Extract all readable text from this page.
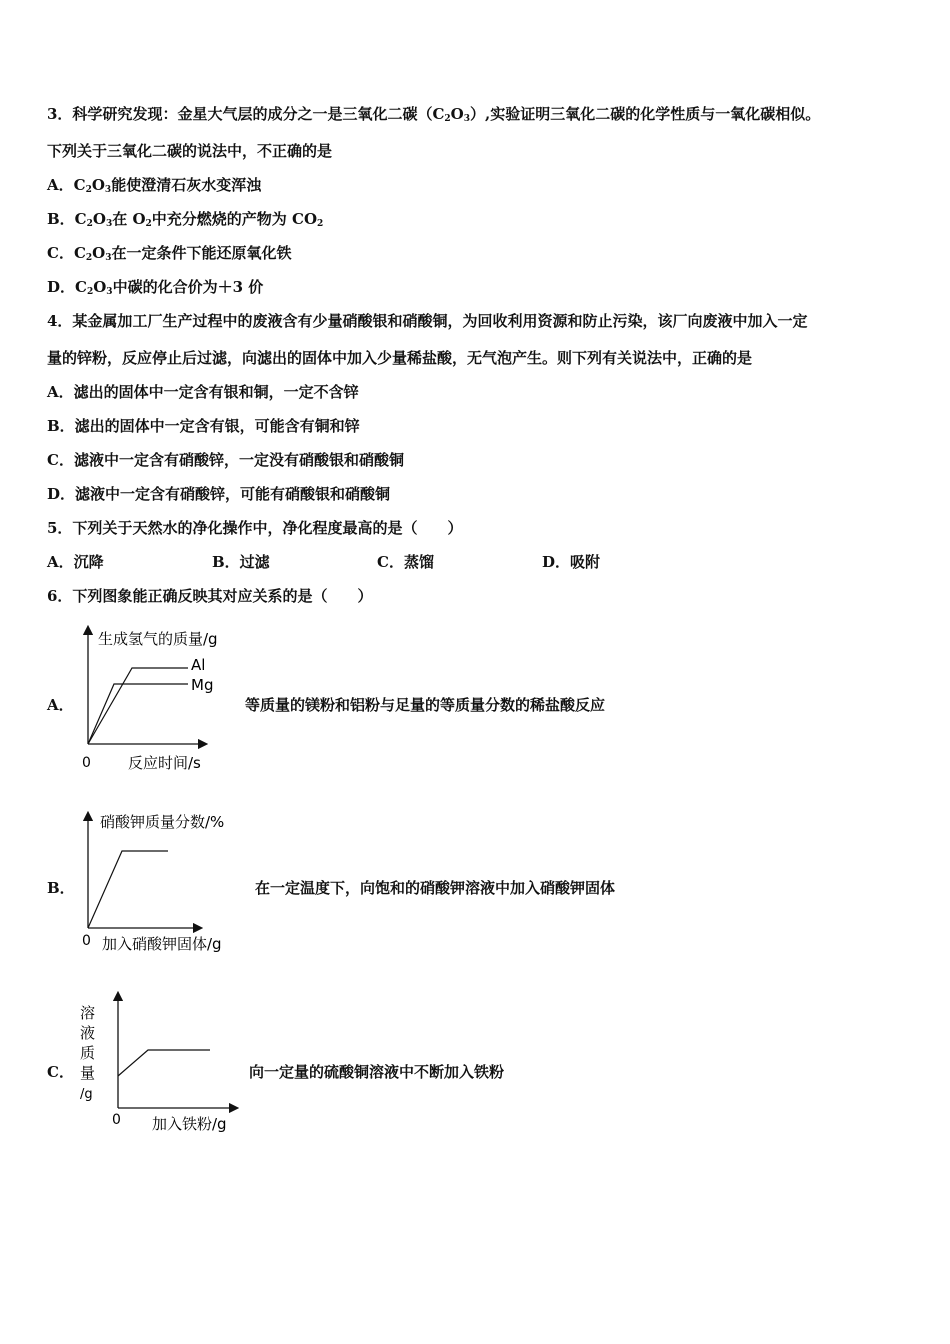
3．科学研究发现：金星大气层的成分之一是三氧化二碳$(C_2O_3)$,实验证明三氧化二碳的化学性质与一氧化碳相似。
下列关于三氧化二碳的说法中，不正确的是
A．$C_2O_3$能使澄清石灰水变浑浊
B．$C_2O_3$在 $O_2$中充分燃烧的产物为 $CO_2$
C．$C_2O_3$在一定条件下能还原氧化铁
D．$C_2O_3$中碳的化合价为＋3 价
4．某金属加工厂生产过程中的废液含有少量硝酸银和硝酸铜，为回收利用资源和防止污染，该厂向废液中加入一定
量的锌粉，反应停止后过滤，向滤出的固体中加入少量稀盐酸，无气泡产生。则下列有关说法中，正确的是
A．滤出的固体中一定含有银和铜，一定不含锌
B．滤出的固体中一定含有银，可能含有铜和锌
C．滤液中一定含有硝酸锌，一定没有硝酸银和硝酸铜
D．滤液中一定含有硝酸锌，可能有硝酸银和硝酸铜
5．下列关于天然水的净化操作中，净化程度最高的是（　　）
A．沉降	B．过滤	C．蒸馏	D．吸附
6．下列图象能正确反映其对应关系的是（　　）
A．
生成氢气的质量/g
Al
Mg
0 反应时间/s
等质量的镁粉和铝粉与足量的等质量分数的稀盐酸反应
B．
硝酸钾质量分数/%
0 加入硝酸钾固体/g
在一定温度下，向饱和的硝酸钾溶液中加入硝酸钾固体
C．
溶
液
质
量
/g
0 加入铁粉/g
向一定量的硫酸铜溶液中不断加入铁粉
